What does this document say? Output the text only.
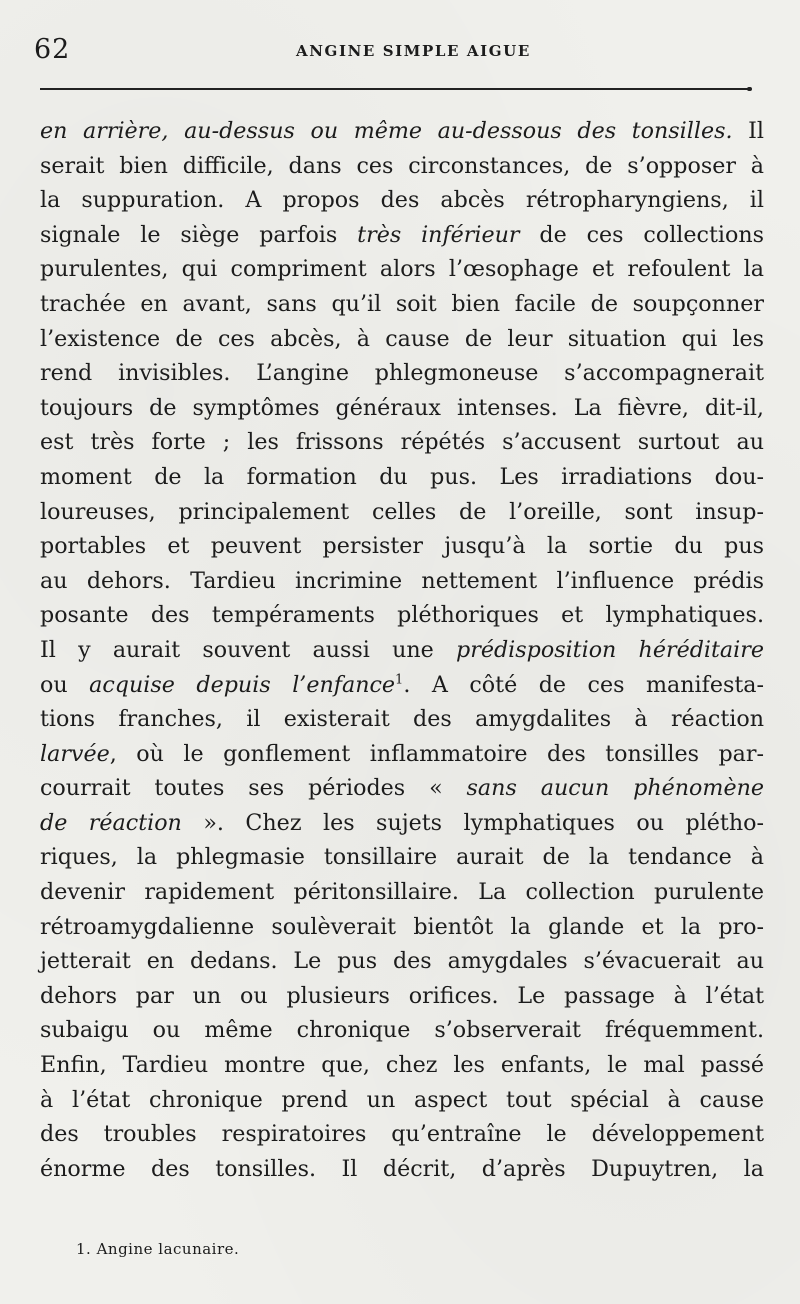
62	ANGINE SIMPLE AIGUE
en arrière, au-dessus ou même au-dessous des tonsilles. Il
serait bien difficile, dans ces circonstances, de s’opposer à
la suppuration. A propos des abcès rétropharyngiens, il
signale le siège parfois très inférieur de ces collections
purulentes, qui compriment alors l’œsophage et refoulent la
trachée en avant, sans qu’il soit bien facile de soupçonner
l’existence de ces abcès, à cause de leur situation qui les
rend invisibles. L’angine phlegmoneuse s’accompagnerait
toujours de symptômes généraux intenses. La fièvre, dit-il,
est très forte ; les frissons répétés s’accusent surtout au
moment de la formation du pus. Les irradiations dou-
loureuses, principalement celles de l’oreille, sont insup-
portables et peuvent persister jusqu’à la sortie du pus
au dehors. Tardieu incrimine nettement l’influence prédis
posante des tempéraments pléthoriques et lymphatiques.
Il y aurait souvent aussi une prédisposition héréditaire
ou acquise depuis l’enfance$^1$. A côté de ces manifesta-
tions franches, il existerait des amygdalites à réaction
larvée, où le gonflement inflammatoire des tonsilles par-
courrait toutes ses périodes « sans aucun phénomène
de réaction ». Chez les sujets lymphatiques ou plétho-
riques, la phlegmasie tonsillaire aurait de la tendance à
devenir rapidement péritonsillaire. La collection purulente
rétroamygdalienne soulèverait bientôt la glande et la pro-
jetterait en dedans. Le pus des amygdales s’évacuerait au
dehors par un ou plusieurs orifices. Le passage à l’état
subaigu ou même chronique s’observerait fréquemment.
Enfin, Tardieu montre que, chez les enfants, le mal passé
à l’état chronique prend un aspect tout spécial à cause
des troubles respiratoires qu’entraîne le développement
énorme des tonsilles. Il décrit, d’après Dupuytren, la
1. Angine lacunaire.
